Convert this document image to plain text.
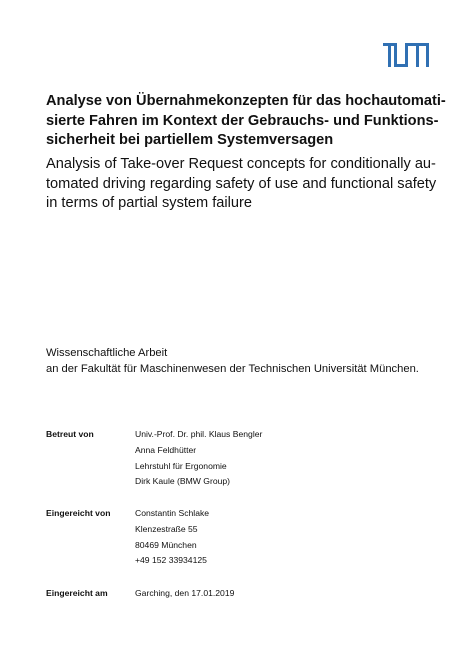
Analyse von Übernahmekonzepten für das hochautomati-
sierte Fahren im Kontext der Gebrauchs- und Funktions-
sicherheit bei partiellem Systemversagen
Analysis of Take-over Request concepts for conditionally au-
tomated driving regarding safety of use and functional safety
in terms of partial system failure
Wissenschaftliche Arbeit
an der Fakultät für Maschinenwesen der Technischen Universität München.
Betreut von	Univ.-Prof. Dr. phil. Klaus Bengler
Anna Feldhütter
Lehrstuhl für Ergonomie
Dirk Kaule (BMW Group)
Eingereicht von	Constantin Schlake
Klenzestraße 55
80469 München
+49 152 33934125
Eingereicht am	Garching, den 17.01.2019
